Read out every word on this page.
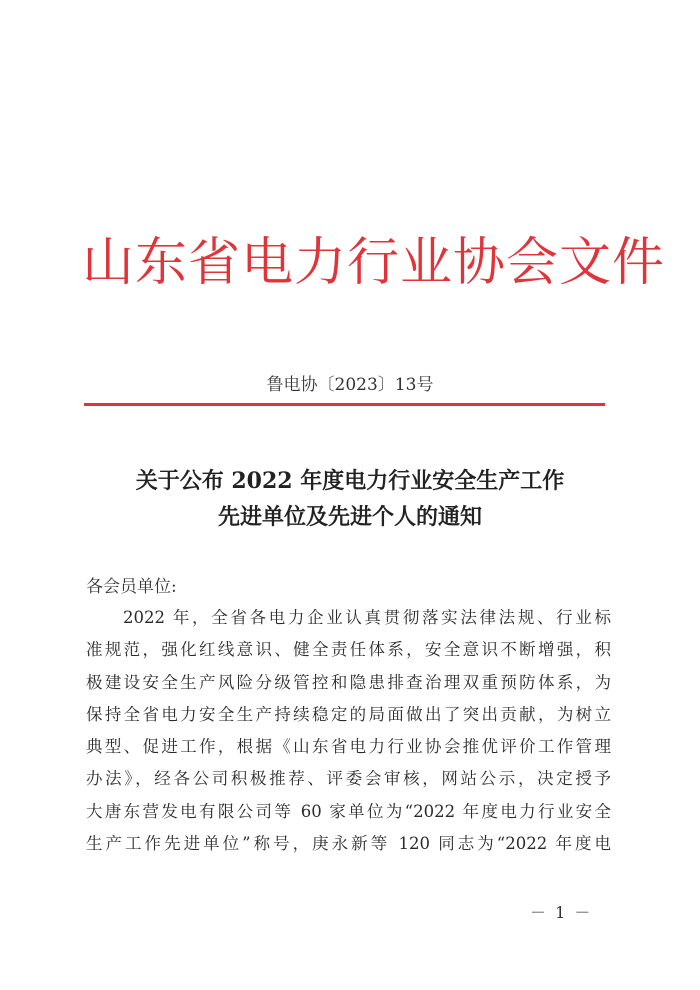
山东省电力行业协会文件
鲁电协〔2023〕13号
关于公布 2022 年度电力行业安全生产工作
先进单位及先进个人的通知
各会员单位:
2022 年，全省各电力企业认真贯彻落实法律法规、行业标
准规范，强化红线意识、健全责任体系，安全意识不断增强，积
极建设安全生产风险分级管控和隐患排查治理双重预防体系，为
保持全省电力安全生产持续稳定的局面做出了突出贡献，为树立
典型、促进工作，根据《山东省电力行业协会推优评价工作管理
办法》，经各公司积极推荐、评委会审核，网站公示，决定授予
大唐东营发电有限公司等 60 家单位为“2022 年度电力行业安全
生产工作先进单位”称号，庚永新等 120 同志为“2022 年度电
－ 1 －
